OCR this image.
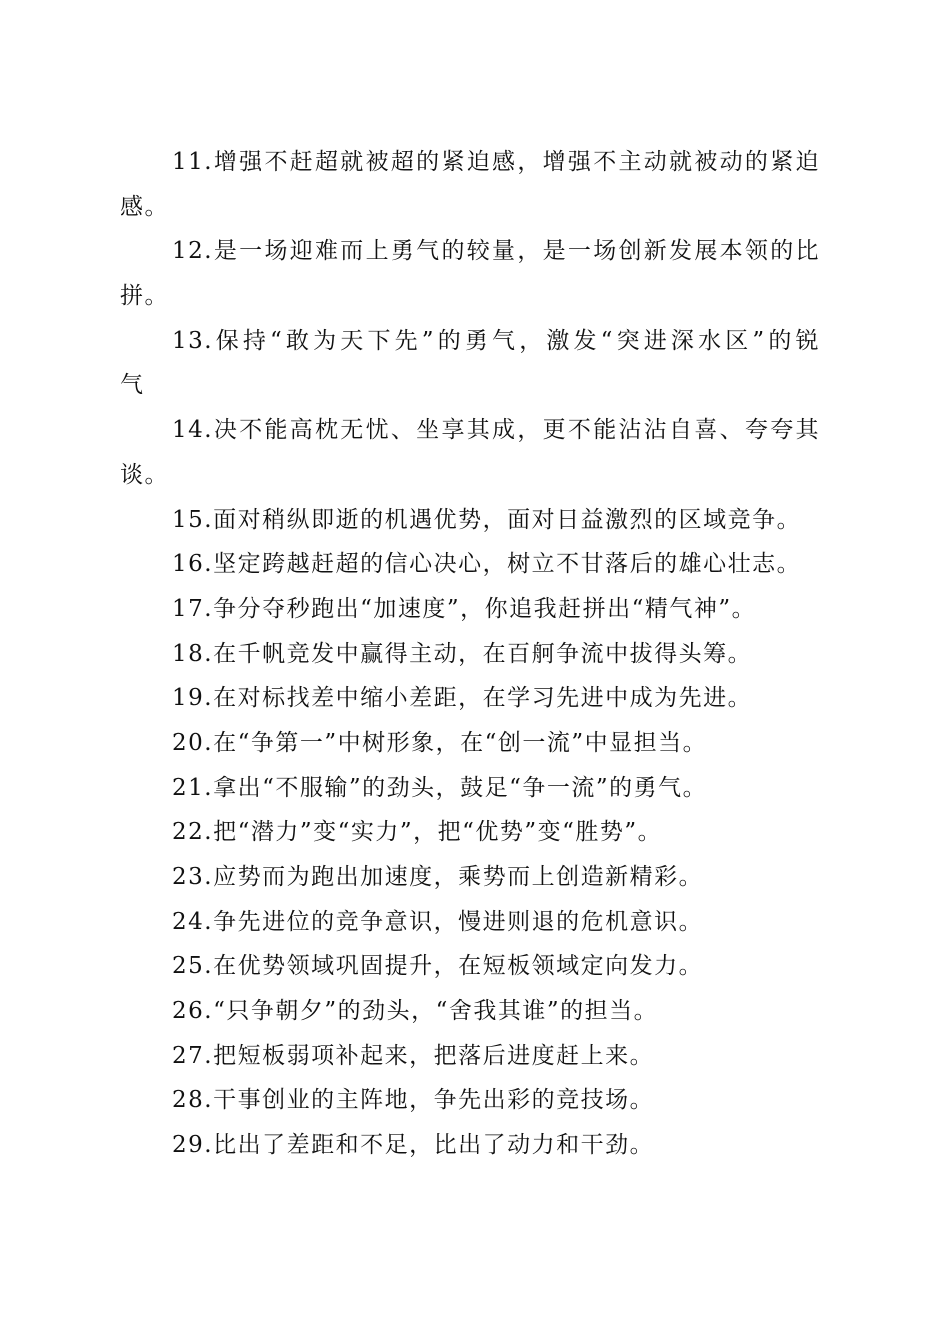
11.增强不赶超就被超的紧迫感，增强不主动就被动的紧迫
感。
12.是一场迎难而上勇气的较量，是一场创新发展本领的比
拼。
13.保持“敢为天下先”的勇气，激发“突进深水区”的锐
气
14.决不能高枕无忧、坐享其成，更不能沾沾自喜、夸夸其
谈。
15.面对稍纵即逝的机遇优势，面对日益激烈的区域竞争。
16.坚定跨越赶超的信心决心，树立不甘落后的雄心壮志。
17.争分夺秒跑出“加速度”，你追我赶拼出“精气神”。
18.在千帆竞发中赢得主动，在百舸争流中拔得头筹。
19.在对标找差中缩小差距，在学习先进中成为先进。
20.在“争第一”中树形象，在“创一流”中显担当。
21.拿出“不服输”的劲头，鼓足“争一流”的勇气。
22.把“潜力”变“实力”，把“优势”变“胜势”。
23.应势而为跑出加速度，乘势而上创造新精彩。
24.争先进位的竞争意识，慢进则退的危机意识。
25.在优势领域巩固提升，在短板领域定向发力。
26.“只争朝夕”的劲头，“舍我其谁”的担当。
27.把短板弱项补起来，把落后进度赶上来。
28.干事创业的主阵地，争先出彩的竞技场。
29.比出了差距和不足，比出了动力和干劲。
